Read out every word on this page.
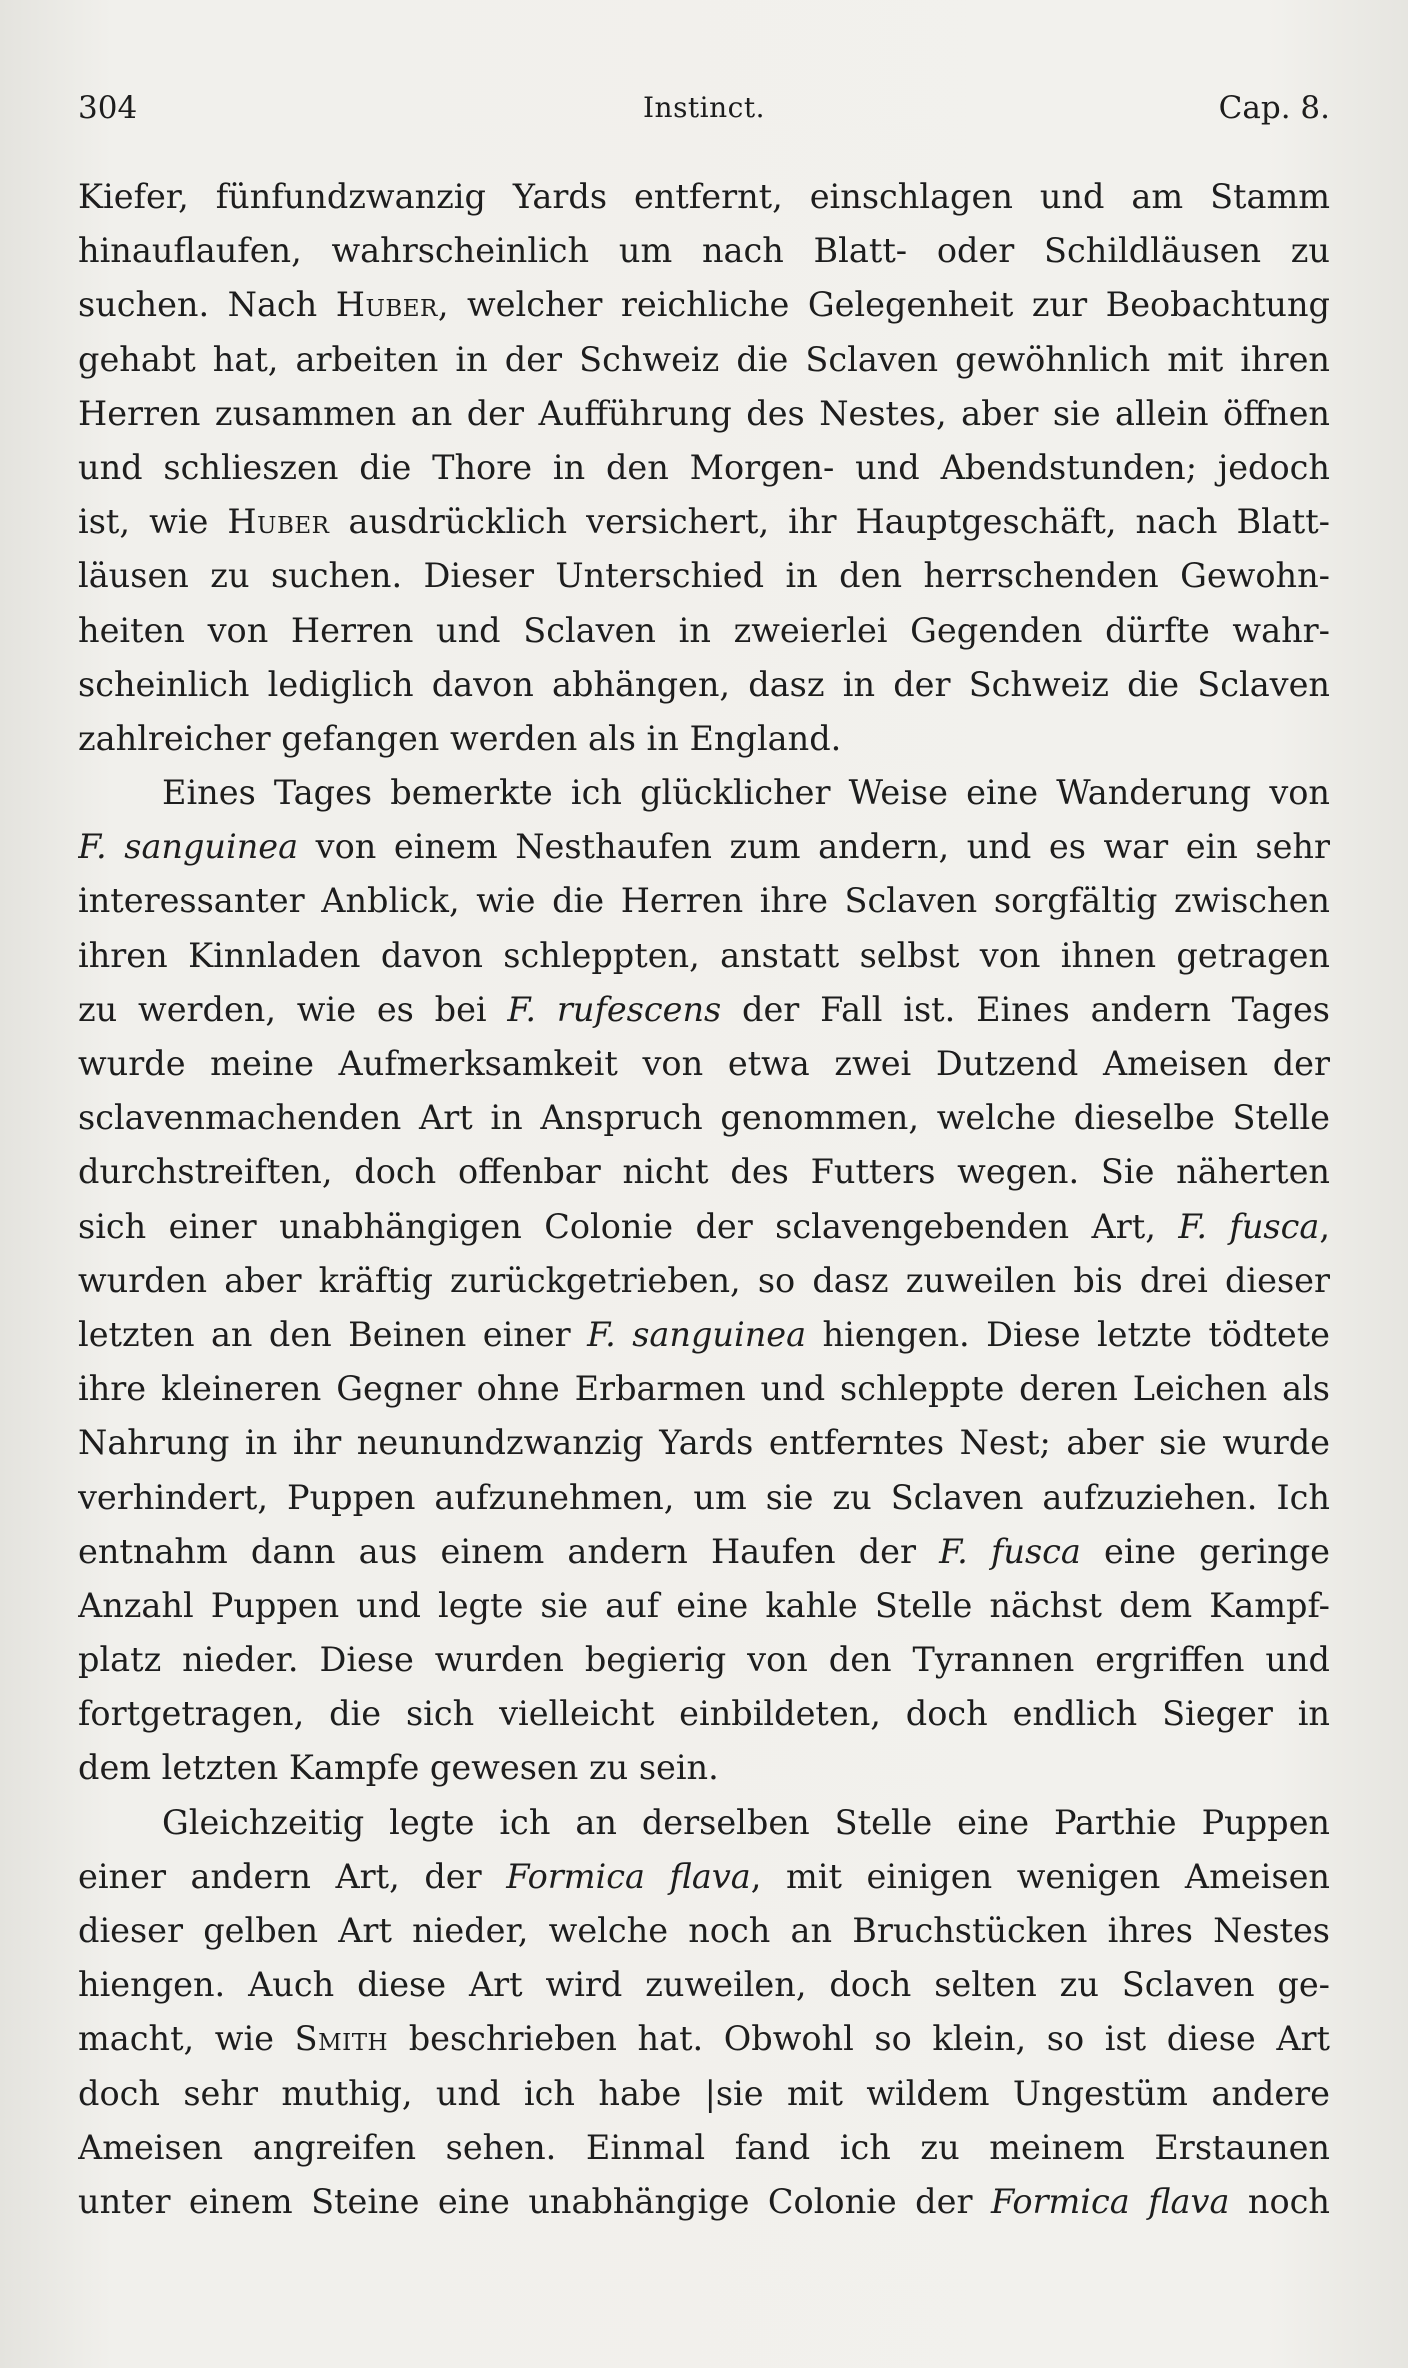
304	Instinct.	Cap. 8.
Kiefer, fünfundzwanzig Yards entfernt, einschlagen und am Stamm
hinauflaufen, wahrscheinlich um nach Blatt- oder Schildläusen zu
suchen. Nach Huber, welcher reichliche Gelegenheit zur Beobachtung
gehabt hat, arbeiten in der Schweiz die Sclaven gewöhnlich mit ihren
Herren zusammen an der Aufführung des Nestes, aber sie allein öffnen
und schlieszen die Thore in den Morgen- und Abendstunden; jedoch
ist, wie Huber ausdrücklich versichert, ihr Hauptgeschäft, nach Blatt-
läusen zu suchen. Dieser Unterschied in den herrschenden Gewohn-
heiten von Herren und Sclaven in zweierlei Gegenden dürfte wahr-
scheinlich lediglich davon abhängen, dasz in der Schweiz die Sclaven
zahlreicher gefangen werden als in England.
Eines Tages bemerkte ich glücklicher Weise eine Wanderung von
F. sanguinea von einem Nesthaufen zum andern, und es war ein sehr
interessanter Anblick, wie die Herren ihre Sclaven sorgfältig zwischen
ihren Kinnladen davon schleppten, anstatt selbst von ihnen getragen
zu werden, wie es bei F. rufescens der Fall ist. Eines andern Tages
wurde meine Aufmerksamkeit von etwa zwei Dutzend Ameisen der
sclavenmachenden Art in Anspruch genommen, welche dieselbe Stelle
durchstreiften, doch offenbar nicht des Futters wegen. Sie näherten
sich einer unabhängigen Colonie der sclavengebenden Art, F. fusca,
wurden aber kräftig zurückgetrieben, so dasz zuweilen bis drei dieser
letzten an den Beinen einer F. sanguinea hiengen. Diese letzte tödtete
ihre kleineren Gegner ohne Erbarmen und schleppte deren Leichen als
Nahrung in ihr neunundzwanzig Yards entferntes Nest; aber sie wurde
verhindert, Puppen aufzunehmen, um sie zu Sclaven aufzuziehen. Ich
entnahm dann aus einem andern Haufen der F. fusca eine geringe
Anzahl Puppen und legte sie auf eine kahle Stelle nächst dem Kampf-
platz nieder. Diese wurden begierig von den Tyrannen ergriffen und
fortgetragen, die sich vielleicht einbildeten, doch endlich Sieger in
dem letzten Kampfe gewesen zu sein.
Gleichzeitig legte ich an derselben Stelle eine Parthie Puppen
einer andern Art, der Formica flava, mit einigen wenigen Ameisen
dieser gelben Art nieder, welche noch an Bruchstücken ihres Nestes
hiengen. Auch diese Art wird zuweilen, doch selten zu Sclaven ge-
macht, wie Smith beschrieben hat. Obwohl so klein, so ist diese Art
doch sehr muthig, und ich habe |sie mit wildem Ungestüm andere
Ameisen angreifen sehen. Einmal fand ich zu meinem Erstaunen
unter einem Steine eine unabhängige Colonie der Formica flava noch
